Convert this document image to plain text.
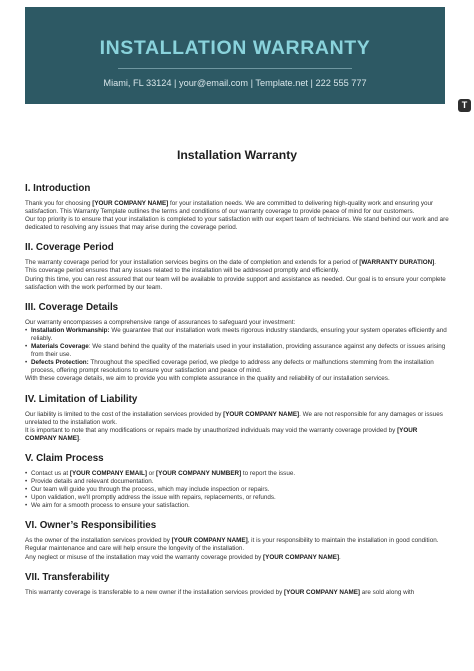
INSTALLATION WARRANTY
Miami, FL 33124 | your@email.com | Template.net | 222 555 777
T
Installation Warranty
I. Introduction

Thank you for choosing [YOUR COMPANY NAME] for your installation needs. We are committed to delivering high-quality work and ensuring your satisfaction. This Warranty Template outlines the terms and conditions of our warranty coverage to provide peace of mind for our customers.

Our top priority is to ensure that your installation is completed to your satisfaction with our expert team of technicians. We stand behind our work and are dedicated to resolving any issues that may arise during the coverage period.

II. Coverage Period

The warranty coverage period for your installation services begins on the date of completion and extends for a period of [WARRANTY DURATION]. This coverage period ensures that any issues related to the installation will be addressed promptly and efficiently.

During this time, you can rest assured that our team will be available to provide support and assistance as needed. Our goal is to ensure your complete satisfaction with the work performed by our team.

III. Coverage Details

Our warranty encompasses a comprehensive range of assurances to safeguard your investment:

• Installation Workmanship: We guarantee that our installation work meets rigorous industry standards, ensuring your system operates efficiently and reliably.
• Materials Coverage: We stand behind the quality of the materials used in your installation, providing assurance against any defects or issues arising from their use.
• Defects Protection: Throughout the specified coverage period, we pledge to address any defects or malfunctions stemming from the installation process, offering prompt resolutions to ensure your satisfaction and peace of mind.

With these coverage details, we aim to provide you with complete assurance in the quality and reliability of our installation services.

IV. Limitation of Liability

Our liability is limited to the cost of the installation services provided by [YOUR COMPANY NAME]. We are not responsible for any damages or issues unrelated to the installation work.

It is important to note that any modifications or repairs made by unauthorized individuals may void the warranty coverage provided by [YOUR COMPANY NAME].

V. Claim Process
• Contact us at [YOUR COMPANY EMAIL] or [YOUR COMPANY NUMBER] to report the issue.
• Provide details and relevant documentation.
• Our team will guide you through the process, which may include inspection or repairs.
• Upon validation, we'll promptly address the issue with repairs, replacements, or refunds.
• We aim for a smooth process to ensure your satisfaction.
VI. Owner’s Responsibilities

As the owner of the installation services provided by [YOUR COMPANY NAME], it is your responsibility to maintain the installation in good condition. Regular maintenance and care will help ensure the longevity of the installation.

Any neglect or misuse of the installation may void the warranty coverage provided by [YOUR COMPANY NAME].

VII. Transferability

This warranty coverage is transferable to a new owner if the installation services provided by [YOUR COMPANY NAME] are sold along with
